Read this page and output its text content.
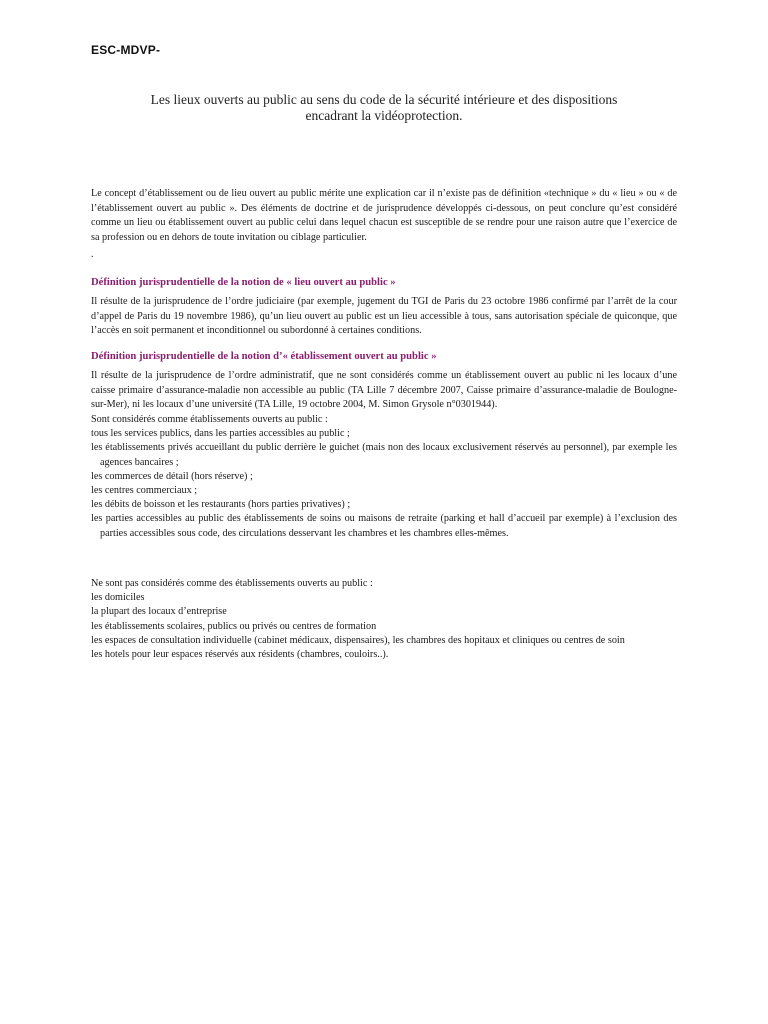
ESC-MDVP-
Les lieux ouverts au public au sens du code de la sécurité intérieure et des dispositions
encadrant la vidéoprotection.

Le concept d’établissement ou de lieu ouvert au public mérite une explication car il n’existe pas de définition «technique » du « lieu » ou « de l’établissement ouvert au public ». Des éléments de doctrine et de jurisprudence développés ci-dessous, on peut conclure qu’est considéré comme un lieu ou établissement ouvert au public celui dans lequel chacun est susceptible de se rendre pour une raison autre que l’exercice de sa profession ou en dehors de toute invitation ou ciblage particulier.

.
Définition jurisprudentielle de la notion de « lieu ouvert au public »

Il résulte de la jurisprudence de l’ordre judiciaire (par exemple, jugement du TGI de Paris du 23 octobre 1986 confirmé par l’arrêt de la cour d’appel de Paris du 19 novembre 1986), qu’un lieu ouvert au public est un lieu accessible à tous, sans autorisation spéciale de quiconque, que l’accès en soit permanent et inconditionnel ou subordonné à certaines conditions.

Définition jurisprudentielle de la notion d’« établissement ouvert au public »

Il résulte de la jurisprudence de l’ordre administratif, que ne sont considérés comme un établissement ouvert au public ni les locaux d’une caisse primaire d’assurance-maladie non accessible au public (TA Lille 7 décembre 2007, Caisse primaire d’assurance-maladie de Boulogne-sur-Mer), ni les locaux d’une université (TA Lille, 19 octobre 2004, M. Simon Grysole n°0301944).

Sont considérés comme établissements ouverts au public :
tous les services publics, dans les parties accessibles au public ;
les établissements privés accueillant du public derrière le guichet (mais non des locaux exclusivement réservés au personnel), par exemple les agences bancaires ;
les commerces de détail (hors réserve) ;
les centres commerciaux ;
les débits de boisson et les restaurants (hors parties privatives) ;
les parties accessibles au public des établissements de soins ou maisons de retraite (parking et hall d’accueil par exemple) à l’exclusion des parties accessibles sous code, des circulations desservant les chambres et les chambres elles-mêmes.
Ne sont pas considérés comme des établissements ouverts au public :
les domiciles
la plupart des locaux d’entreprise
les établissements scolaires, publics ou privés ou centres de formation
les espaces de consultation individuelle (cabinet médicaux, dispensaires), les chambres des hopitaux et cliniques ou centres de soin
les hotels pour leur espaces réservés aux résidents (chambres, couloirs..).
